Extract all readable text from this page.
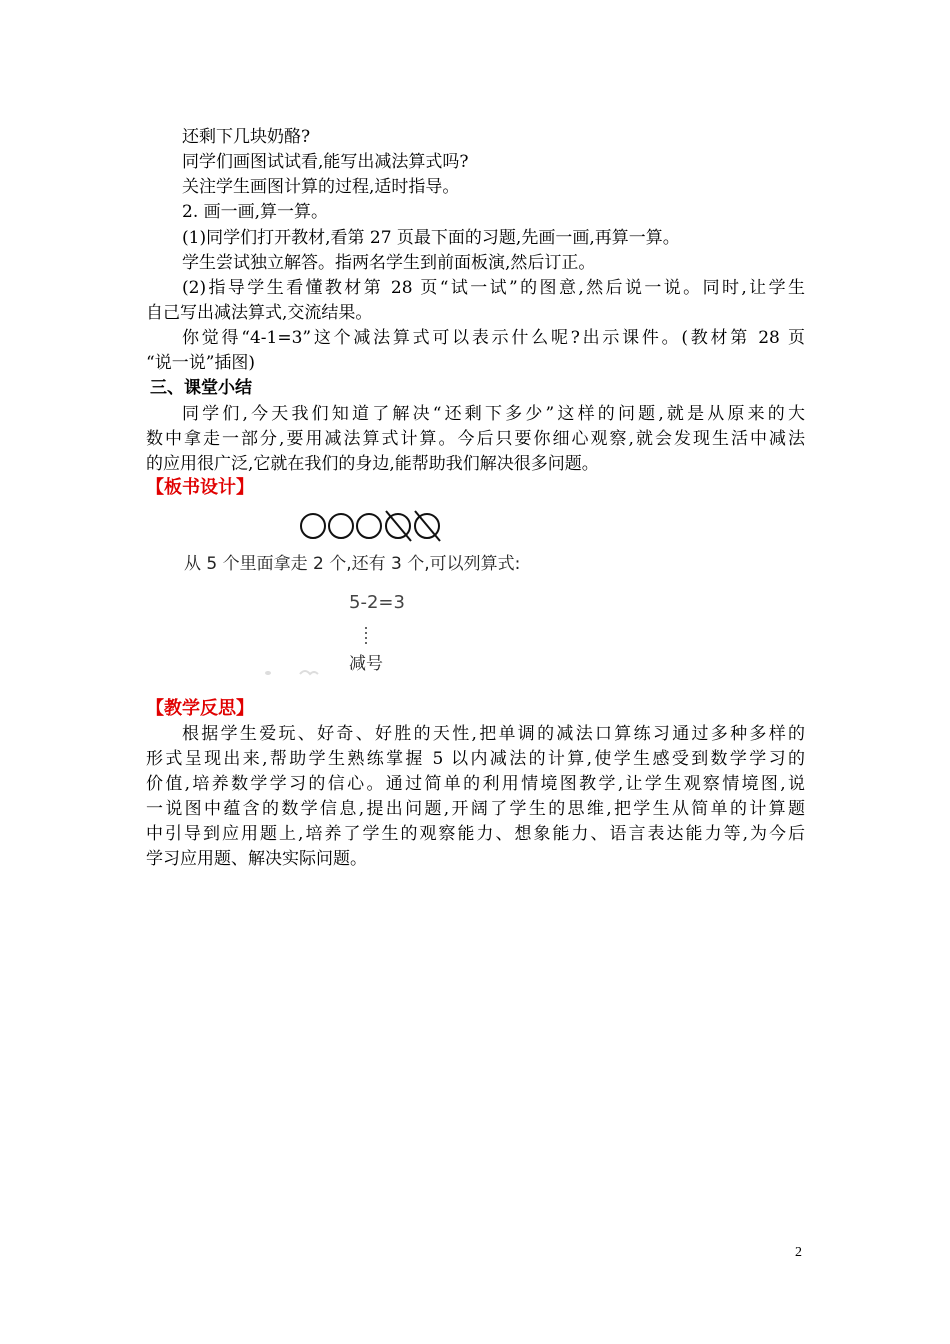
还剩下几块奶酪?
同学们画图试试看,能写出减法算式吗?
关注学生画图计算的过程,适时指导。
2. 画一画,算一算。
(1)同学们打开教材,看第 27 页最下面的习题,先画一画,再算一算。
学生尝试独立解答。指两名学生到前面板演,然后订正。
(2)指导学生看懂教材第 28 页“试一试”的图意,然后说一说。同时,让学生
自己写出减法算式,交流结果。
你觉得“4-1=3”这个减法算式可以表示什么呢?出示课件。(教材第 28 页
“说一说”插图)
三、课堂小结
同学们,今天我们知道了解决“还剩下多少”这样的问题,就是从原来的大
数中拿走一部分,要用减法算式计算。今后只要你细心观察,就会发现生活中减法
的应用很广泛,它就在我们的身边,能帮助我们解决很多问题。
【板书设计】
从 5 个里面拿走 2 个,还有 3 个,可以列算式:
5-2=3
减号
【教学反思】
根据学生爱玩、好奇、好胜的天性,把单调的减法口算练习通过多种多样的
形式呈现出来,帮助学生熟练掌握 5 以内减法的计算,使学生感受到数学学习的
价值,培养数学学习的信心。通过简单的利用情境图教学,让学生观察情境图,说
一说图中蕴含的数学信息,提出问题,开阔了学生的思维,把学生从简单的计算题
中引导到应用题上,培养了学生的观察能力、想象能力、语言表达能力等,为今后
学习应用题、解决实际问题。
2
